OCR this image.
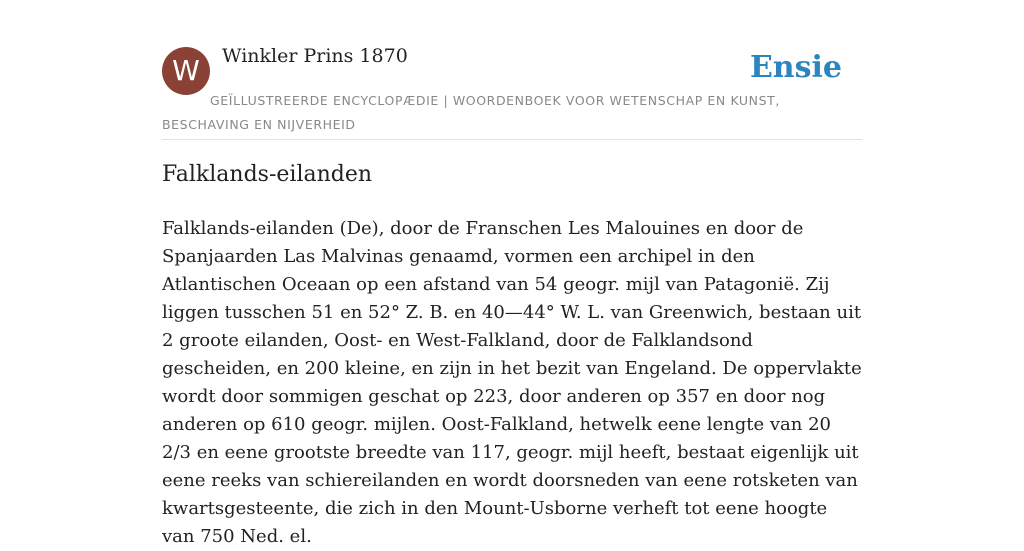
W	Winkler Prins 1870	Ensie
GEÏLLUSTREERDE ENCYCLOPÆDIE | WOORDENBOEK VOOR WETENSCHAP EN KUNST, BESCHAVING EN NIJVERHEID
Falklands-eilanden

Falklands-eilanden (De), door de Franschen Les Malouines en door de Spanjaarden Las Malvinas genaamd, vormen een archipel in den Atlantischen Oceaan op een afstand van 54 geogr. mijl van Patagonië. Zij liggen tusschen 51 en 52° Z. B. en 40—44° W. L. van Greenwich, bestaan uit 2 groote eilanden, Oost- en West-Falkland, door de Falklandsond gescheiden, en 200 kleine, en zijn in het bezit van Engeland. De oppervlakte wordt door sommigen geschat op 223, door anderen op 357 en door nog anderen op 610 geogr. mijlen. Oost-Falkland, hetwelk eene lengte van 20 2/3 en eene grootste breedte van 117, geogr. mijl heeft, bestaat eigenlijk uit eene reeks van schiereilanden en wordt doorsneden van eene rotsketen van kwartsgesteente, die zich in den Mount-Usborne verheft tot eene hoogte van 750 Ned. el.
